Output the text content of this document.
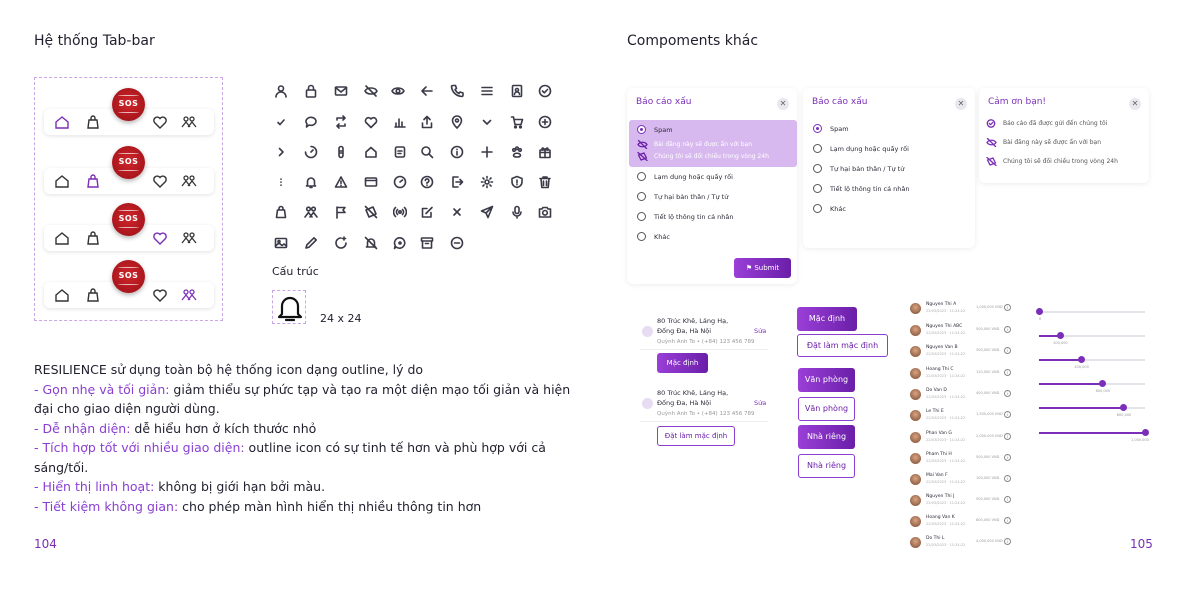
Hệ thống Tab-bar
SOS
SOS
SOS
SOS	Cấu trúc
24 x 24
RESILIENCE sử dụng toàn bộ hệ thống icon dạng outline, lý do
- Gọn nhẹ và tối giản: giảm thiểu sự phức tạp và tạo ra một diện mạo tối giản và hiện đại cho giao diện người dùng.
- Dễ nhận diện: dễ hiểu hơn ở kích thước nhỏ
- Tích hợp tốt với nhiều giao diện: outline icon có sự tinh tế hơn và phù hợp với cả sáng/tối.
- Hiển thị linh hoạt: không bị giới hạn bởi màu.
- Tiết kiệm không gian: cho phép màn hình hiển thị nhiều thông tin hơn
104
Compoments khác
Báo cáo xấu	✕
Spam
Bài đăng này sẽ được ẩn với bạn
Chúng tôi sẽ đối chiếu trong vòng 24h
Lạm dụng hoặc quấy rối
Tự hại bản thân / Tự tử
Tiết lộ thông tin cá nhân
Khác
⚑ Submit
Báo cáo xấu	✕
Spam
Lạm dụng hoặc quấy rối
Tự hại bản thân / Tự tử
Tiết lộ thông tin cá nhân
Khác
Cảm ơn bạn!	✕
Báo cáo đã được gửi đến chúng tôi
Bài đăng này sẽ được ẩn với bạn
Chúng tôi sẽ đối chiếu trong vòng 24h
80 Trúc Khê, Láng Hạ,
Đống Đa, Hà Nội
Quỳnh Anh To • (+84) 123 456 789
Sửa
Mặc định
80 Trúc Khê, Láng Hạ,
Đống Đa, Hà Nội
Quỳnh Anh To • (+84) 123 456 789
Sửa
Đặt làm mặc định
Mặc định
Đặt làm mặc định
Văn phòng
Văn phòng
Nhà riêng
Nhà riêng
Nguyen Thi A
22/03/2023 · 11:24:22
1,000,000 VND	i
Nguyen Thi ABC
22/03/2023 · 11:24:22
500,000 VND	i
Nguyen Van B
22/03/2023 · 11:24:22
300,000 VND	i
Hoang Thi C
22/03/2023 · 11:24:22
120,000 VND	i
Do Van D
22/03/2023 · 11:24:22
400,000 VND	i
Le Thi E
22/03/2023 · 11:24:22
1,500,000 VND	i
Phan Van G
22/03/2023 · 11:24:22
2,000,000 VND	i
Pham Thi H
22/03/2023 · 11:24:22
500,000 VND	i
Mai Van F
22/03/2023 · 11:24:22
100,000 VND	i
Nguyen Thi J
22/03/2023 · 11:24:22
500,000 VND	i
Hoang Van K
22/03/2023 · 11:24:22
800,000 VND	i
Do Thi L
22/03/2023 · 11:24:22
4,000,000 VND	i
0
200,000
400,000
600,000
800,000
1,000,000
105
